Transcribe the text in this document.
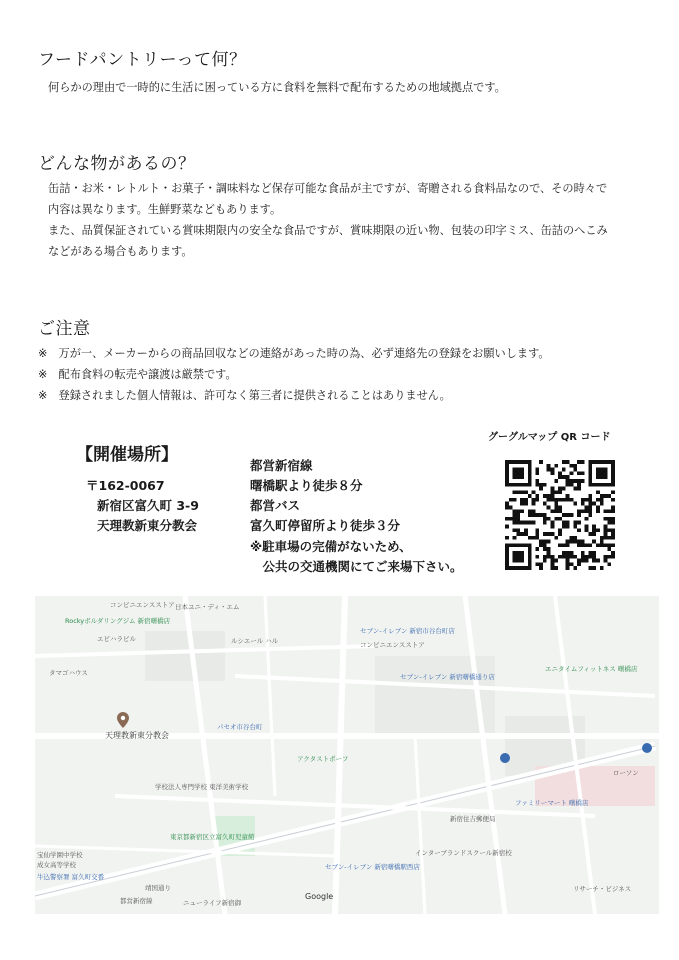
フードパントリーって何？
何らかの理由で一時的に生活に困っている方に食料を無料で配布するための地域拠点です。
どんな物があるの？
缶詰・お米・レトルト・お菓子・調味料など保存可能な食品が主ですが、寄贈される食料品なので、その時々で
内容は異なります。生鮮野菜などもあります。
また、品質保証されている賞味期限内の安全な食品ですが、賞味期限の近い物、包装の印字ミス、缶詰のへこみ
などがある場合もあります。
ご注意
※　万が一、メーカーからの商品回収などの連絡があった時の為、必ず連絡先の登録をお願いします。
※　配布食料の転売や譲渡は厳禁です。
※　登録されました個人情報は、許可なく第三者に提供されることはありません。
【開催場所】
〒162-0067
新宿区富久町 3-9
天理教新東分教会
都営新宿線
曙橋駅より徒歩８分
都営バス
富久町停留所より徒歩３分
※駐車場の完備がないため、
　公共の交通機関にてご来場下さい。
グーグルマップ QR コード
コンビニエンスストア 日本ユニ・ディ・エム
Rockyボルダリングジム 新宿曙橋店
エビハラビル
タマゴハウス
ルシエール ハル
セブン-イレブン 新宿市谷台町店
コンビニエンスストア
エニタイムフィットネス 曙橋店
セブン-イレブン 新宿曙橋通り店
天理教新東分教会
パセオ市谷台町
アクタストポーフ
ローソン
学校法人専門学校 東洋美術学校
東京都新宿区立富久町児童館
ファミリーマート 曙橋店
新宿住吉郵便局
セブン-イレブン 新宿曙橋駅西店
インターブランドスクール新宿校
Google
宝仙学園中学校
成女高等学校
牛込警察署 富久町交番
ニューライフ新宿御
都営新宿線
靖国通り	リサーチ・ビジネス
